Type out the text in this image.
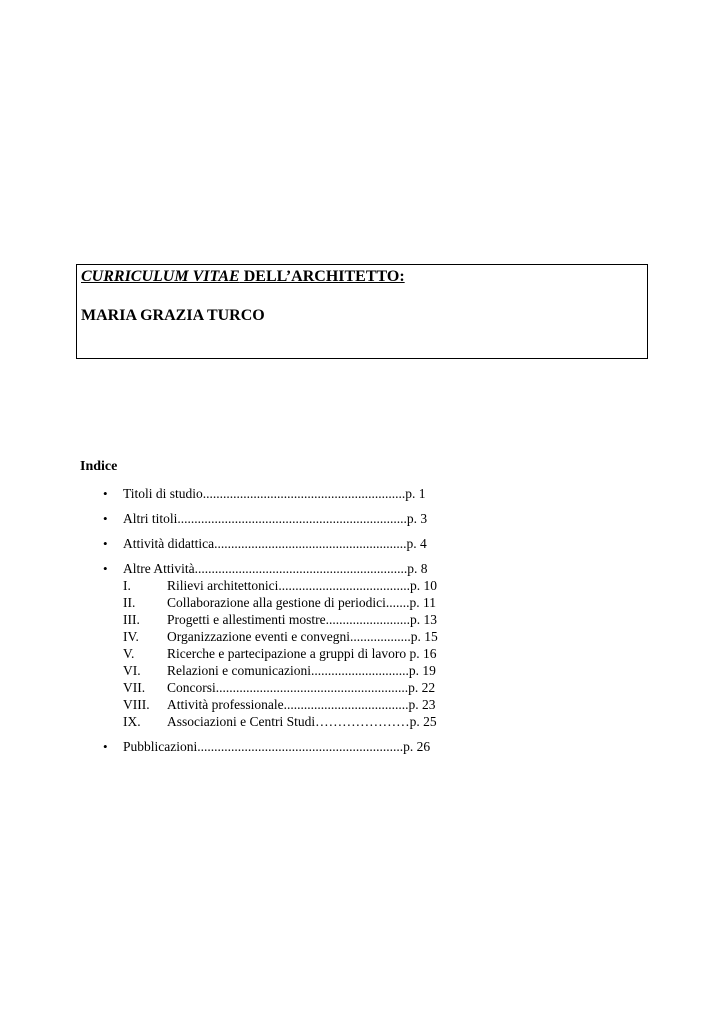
CURRICULUM VITAE DELL’ARCHITETTO:
MARIA GRAZIA TURCO
Indice
• Titoli di studio............................................................p. 1
• Altri titoli....................................................................p. 3
• Attività didattica.........................................................p. 4
• Altre Attività...............................................................p. 8
I.	Rilievi architettonici.......................................p. 10
II. Collaborazione alla gestione di periodici.......p. 11
III. Progetti e allestimenti mostre.........................p. 13
IV. Organizzazione eventi e convegni..................p. 15
V. Ricerche e partecipazione a gruppi di lavoro p. 16
VI. Relazioni e comunicazioni.............................p. 19
VII. Concorsi.........................................................p. 22
VIII. Attività professionale.....................................p. 23
IX. Associazioni e Centri Studi…………………p. 25
• Pubblicazioni.............................................................p. 26
